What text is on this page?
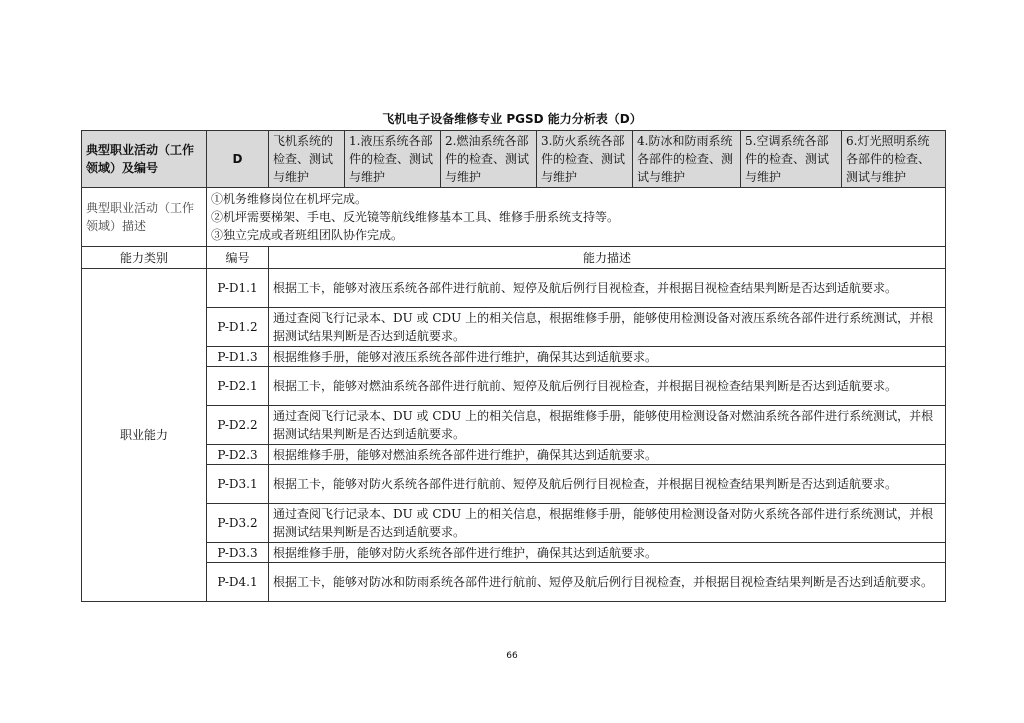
飞机电子设备维修专业 PGSD 能力分析表（D）
典型职业活动（工作领域）及编号	D	飞机系统的检查、测试与维护	1.液压系统各部件的检查、测试与维护	2.燃油系统各部件的检查、测试与维护	3.防火系统各部件的检查、测试与维护	4.防冰和防雨系统各部件的检查、测试与维护	5.空调系统各部件的检查、测试与维护	6.灯光照明系统各部件的检查、测试与维护
典型职业活动（工作领域）描述	①机务维修岗位在机坪完成。
②机坪需要梯架、手电、反光镜等航线维修基本工具、维修手册系统支持等。
③独立完成或者班组团队协作完成。							

能力类别	编号	能力描述						
职业能力	P-D1.1	根据工卡，能够对液压系统各部件进行航前、短停及航后例行目视检查，并根据目视检查结果判断是否达到适航要求。						
	P-D1.2	通过查阅飞行记录本、DU 或 CDU 上的相关信息，根据维修手册，能够使用检测设备对液压系统各部件进行系统测试，并根据测试结果判断是否达到适航要求。						
	P-D1.3	根据维修手册，能够对液压系统各部件进行维护，确保其达到适航要求。						
	P-D2.1	根据工卡，能够对燃油系统各部件进行航前、短停及航后例行目视检查，并根据目视检查结果判断是否达到适航要求。						
	P-D2.2	通过查阅飞行记录本、DU 或 CDU 上的相关信息，根据维修手册，能够使用检测设备对燃油系统各部件进行系统测试，并根据测试结果判断是否达到适航要求。						
	P-D2.3	根据维修手册，能够对燃油系统各部件进行维护，确保其达到适航要求。						
	P-D3.1	根据工卡，能够对防火系统各部件进行航前、短停及航后例行目视检查，并根据目视检查结果判断是否达到适航要求。						
	P-D3.2	通过查阅飞行记录本、DU 或 CDU 上的相关信息，根据维修手册，能够使用检测设备对防火系统各部件进行系统测试，并根据测试结果判断是否达到适航要求。						
	P-D3.3	根据维修手册，能够对防火系统各部件进行维护，确保其达到适航要求。						
	P-D4.1	根据工卡，能够对防冰和防雨系统各部件进行航前、短停及航后例行目视检查，并根据目视检查结果判断是否达到适航要求。						
66
